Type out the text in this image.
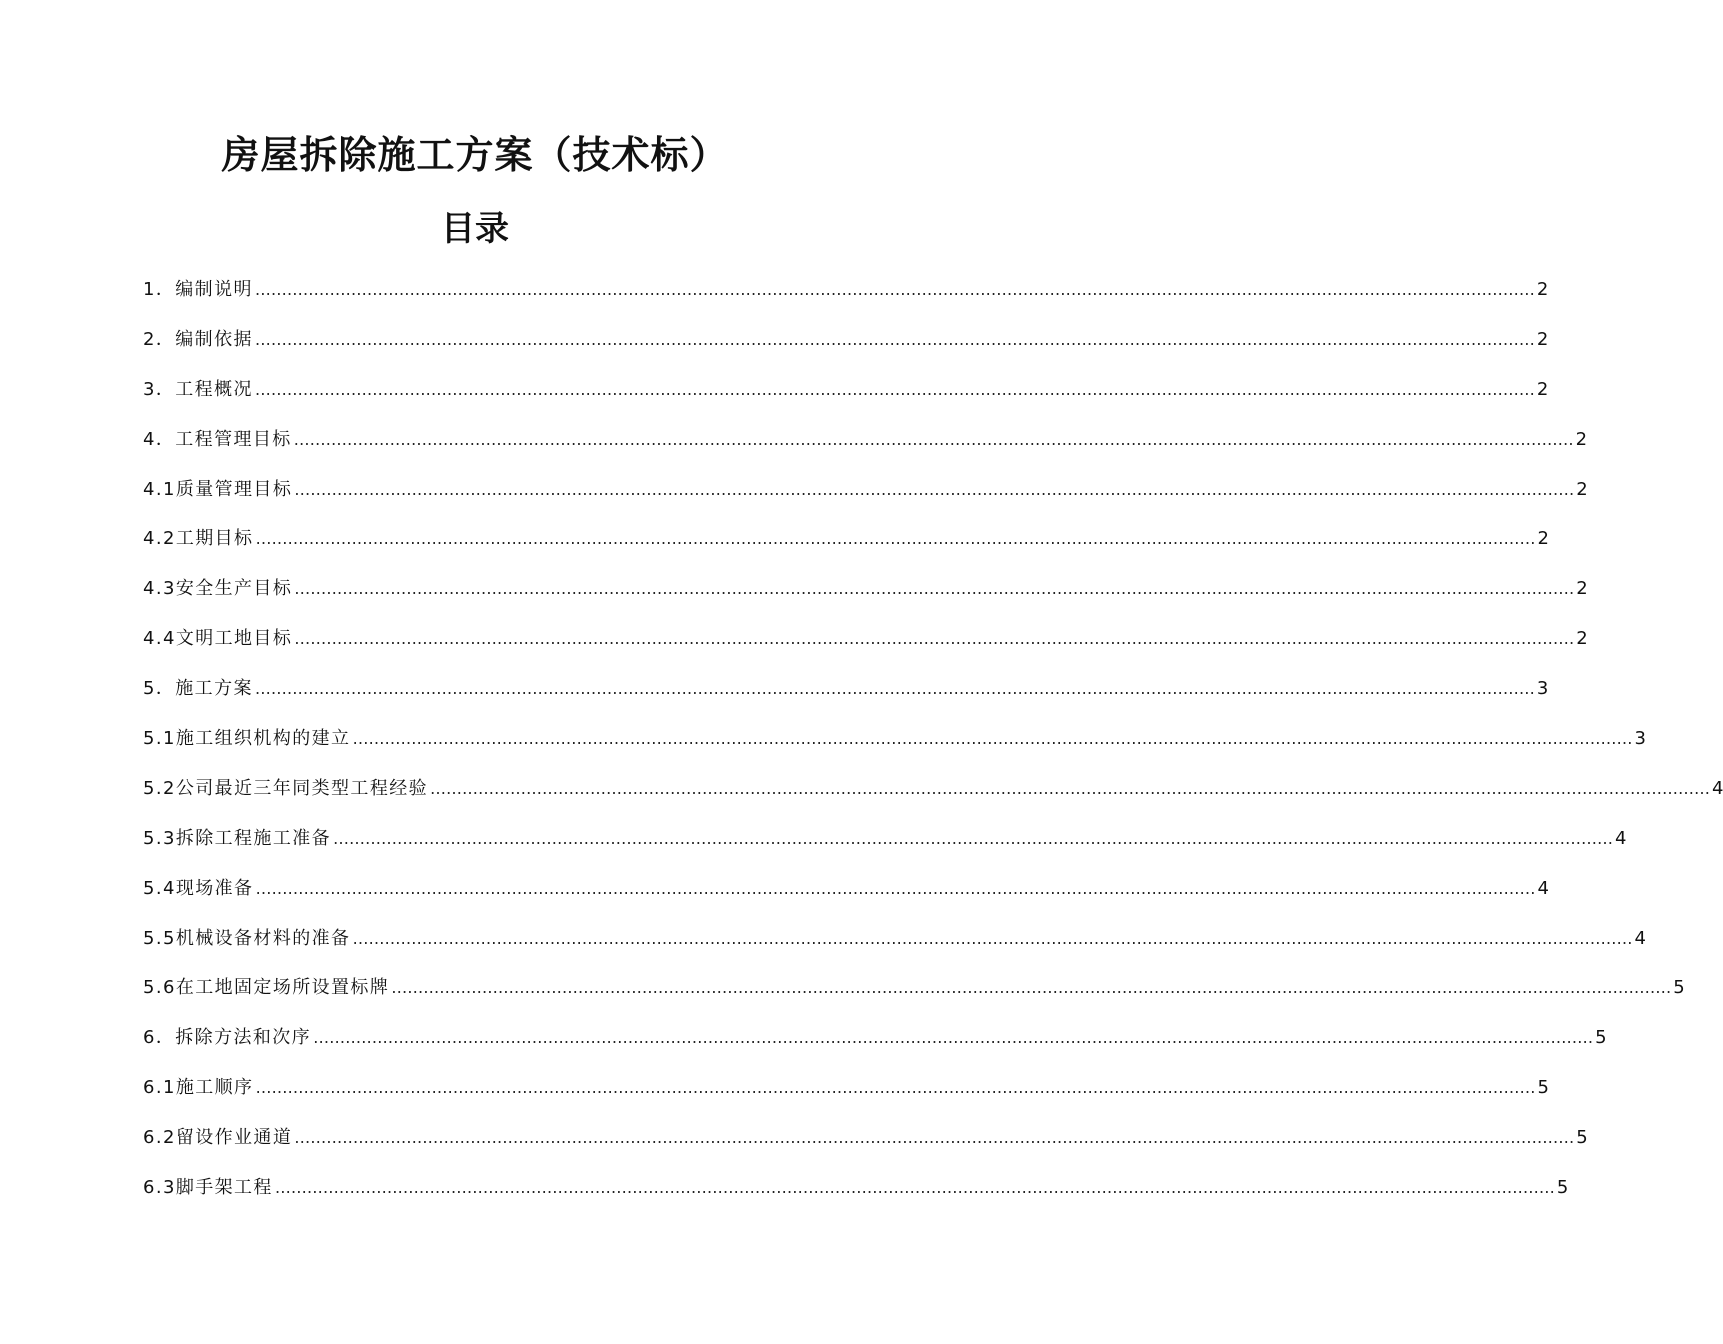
房屋拆除施工方案（技术标）
目录
1． 编制说明 …………………………………………………………………………………………………………………………………………………………………………………………………………………… 2
2． 编制依据 …………………………………………………………………………………………………………………………………………………………………………………………………………………… 2
3． 工程概况 …………………………………………………………………………………………………………………………………………………………………………………………………………………… 2
4． 工程管理目标 …………………………………………………………………………………………………………………………………………………………………………………………………………………… 2
4.1 质量管理目标 …………………………………………………………………………………………………………………………………………………………………………………………………………………… 2
4.2 工期目标 …………………………………………………………………………………………………………………………………………………………………………………………………………………… 2
4.3 安全生产目标 …………………………………………………………………………………………………………………………………………………………………………………………………………………… 2
4.4 文明工地目标 …………………………………………………………………………………………………………………………………………………………………………………………………………………… 2
5． 施工方案 …………………………………………………………………………………………………………………………………………………………………………………………………………………… 3
5.1 施工组织机构的建立 …………………………………………………………………………………………………………………………………………………………………………………………………………………… 3
5.2 公司最近三年同类型工程经验 …………………………………………………………………………………………………………………………………………………………………………………………………………………… 4
5.3 拆除工程施工准备 …………………………………………………………………………………………………………………………………………………………………………………………………………………… 4
5.4 现场准备 …………………………………………………………………………………………………………………………………………………………………………………………………………………… 4
5.5 机械设备材料的准备 …………………………………………………………………………………………………………………………………………………………………………………………………………………… 4
5.6 在工地固定场所设置标牌 …………………………………………………………………………………………………………………………………………………………………………………………………………………… 5
6． 拆除方法和次序 …………………………………………………………………………………………………………………………………………………………………………………………………………………… 5
6.1 施工顺序 …………………………………………………………………………………………………………………………………………………………………………………………………………………… 5
6.2 留设作业通道 …………………………………………………………………………………………………………………………………………………………………………………………………………………… 5
6.3 脚手架工程 …………………………………………………………………………………………………………………………………………………………………………………………………………………… 5
